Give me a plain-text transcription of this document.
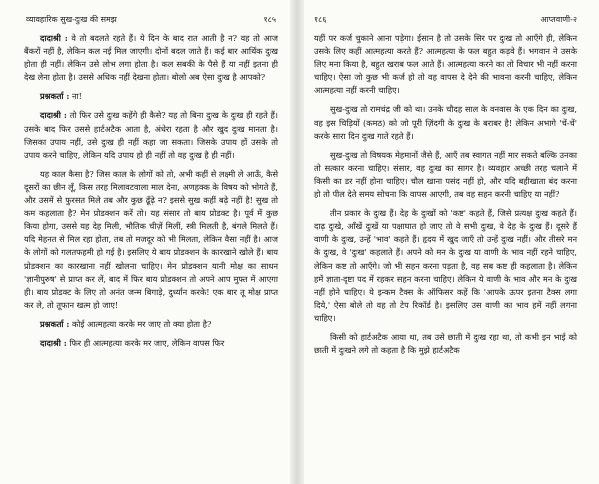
व्यावहारिक सुख-दुःख की समझ	१८५

दादाश्री : वे तो बदलते रहते हैं। ये दिन के बाद रात आती है न? वह तो आज बैंकरों नहीं है, लेकिन कल नई मिल जाएगी। दोनों बदल जाते हैं। कई बार आर्थिक दुःख होता ही नहीं। लेकिन उसे लोभ लगा होता है। कल सबकी के पैसे हैं या नहीं इतना ही देख लेना होता है। उससे अधिक नहीं देखना होता। बोलो अब ऐसा दुःख है आपको?

प्रश्नकर्ता : ना!

दादाश्री : तो फिर उसे दुःख कहेंगे ही कैसे? यह तो बिना दुःख के दुःख ही रहते हैं। उसके बाद फिर उससे हार्टअटैक आता है, अंधेरा रहता है और खुद दुःख मानता है। जिसका उपाय नहीं, उसे दुःख ही नहीं कहा जा सकता। जिसके उपाय हों उसके तो उपाय करने चाहिए, लेकिन यदि उपाय हो ही नहीं तो वह दुःख है ही नहीं।

यह काल कैसा है? जिस काल के लोगों को तो, अभी कहीं से लक्ष्मी ले आऊँ, कैसे दूसरों का छीन लूँ, किस तरह मिलावटवाला माल देना, अणहक्क के विषय को भोगते हैं, और उसमें से फुरसत मिले तब और कुछ ढूँढ़े न? इससे सुख कहीं बढ़े नहीं है! सुख तो कम कहलाता है? मेन प्रोडक्शन करें तो। यह संसार तो बाय प्रोडक्ट है। पूर्व में कुछ किया होगा, उससे यह देह मिली, भौतिक चीज़ें मिलीं, स्त्री मिलती है, बंगले मिलते हैं। यदि मेहनत से मिल रहा होता, तब तो मजदूर को भी मिलता, लेकिन वैसा नहीं है। आज के लोगों को गलतफहमी हो गई है। इसलिए ये बाय प्रोडक्शन के कारखाने खोले हैं। बाय प्रोडक्शन का कारखाना नहीं खोलना चाहिए। मेन प्रोडक्शन यानी मोक्ष का साधन 'ज्ञानीपुरुष' से प्राप्त कर लें, बाद में फिर बाय प्रोडक्शन तो अपने आप मुफ्त में आएगा ही। बाय प्रोडक्ट के लिए तो अनंत जन्म बिगाड़े, दुर्ध्यान करके! एक बार तू मोक्ष प्राप्त कर ले, तो तूफान खत्म हो जाए!

प्रश्नकर्ता : कोई आत्महत्या करके मर जाए तो क्या होता है?

दादाश्री : फिर ही आत्महत्या करके मर जाए, लेकिन वापस फिर

१८६	आप्तवाणी-२

यहीं पर कर्ज चुकाने आना पड़ेगा। ईसान है तो उसके सिर पर दुःख तो आएँगे ही, लेकिन उसके लिए कहीं आत्महत्या करते हैं? आत्महत्या के फल बहुत कड़वे हैं। भगवान ने उसके लिए मना किया है, बहुत खराब फल आते हैं। आत्महत्या करने का तो विचार भी नहीं करना चाहिए। ऐसा जो कुछ भी कर्ज हो तो वह वापस दे देने की भावना करनी चाहिए, लेकिन आत्महत्या नहीं करनी चाहिए।

सुख-दुःख तो रामचंद्र जी को था। उनके चौदह साल के वनवास के एक दिन का दुःख, वह इस चिड़ियों (कमठ) को जो पूरी ज़िंदगी के दुःख के बराबर है! लेकिन अभागे 'चें-चें' करके सारा दिन दुःख गाते रहते हैं।

सुख-दुःख तो विषयक मेहमानों जैसे हैं, आएँ तब स्वागत नहीं मार सकते बल्कि उनका तो सत्कार करना चाहिए। संसार, वह दुःख का सागर है। व्यवहार अच्छी तरह चलाने में किसी का डर नहीं होना चाहिए। चौल खाना पसंद नहीं हो, और यदि बहीखाता बंद करना हो तो पील देते समय सोचना कि वापस आएगी, तब वह सहन करनी चाहिए या नहीं?

तीन प्रकार के दुःख हैं। देह के दुःखों को 'कष्ट' कहते हैं, जिसे प्रत्यक्ष दुःख कहते हैं। दाढ़ दुःखे, आँखें दुःखें या पक्षाघात हो जाए तो वे सभी दुःख, वे देह के दुःख हैं। दूसरे हैं वाणी के दुःख, उन्हें 'भाव' कहते हैं। हृदय में खुद जाएँ तो उन्हें दुःख नहीं। और तीसरे मन के दुःख, वे 'दुःख' कहलाते हैं। अपने को मन के दुःख या वाणी के भाव नहीं रहने चाहिए, लेकिन कष्ट तो आएँगे। जो भी सहन करना पड़ता है, वह सब कष्ट ही कहलाता है। लेकिन हमें ज्ञाता-दृष्टा पद में रहकर सहन करना चाहिए। लेकिन ये वाणी के भाव और मन के दुःख नहीं होने चाहिए। ये इन्कम टैक्स के ऑफिसर कहें कि 'आपके ऊपर इतना टैक्स लगा दिये,' ऐसा बोले तो वह तो टेप रिकॉर्ड है। इसलिए उस वाणी का भाव हमें नहीं लगना चाहिए।

किसी को हार्टअटैक आया था, तब उसे छाती में दुःख रहा था, तो कभी इन भाई को छाती में दुःखने लगे तो कहता है कि मुझे हार्टअटैक
